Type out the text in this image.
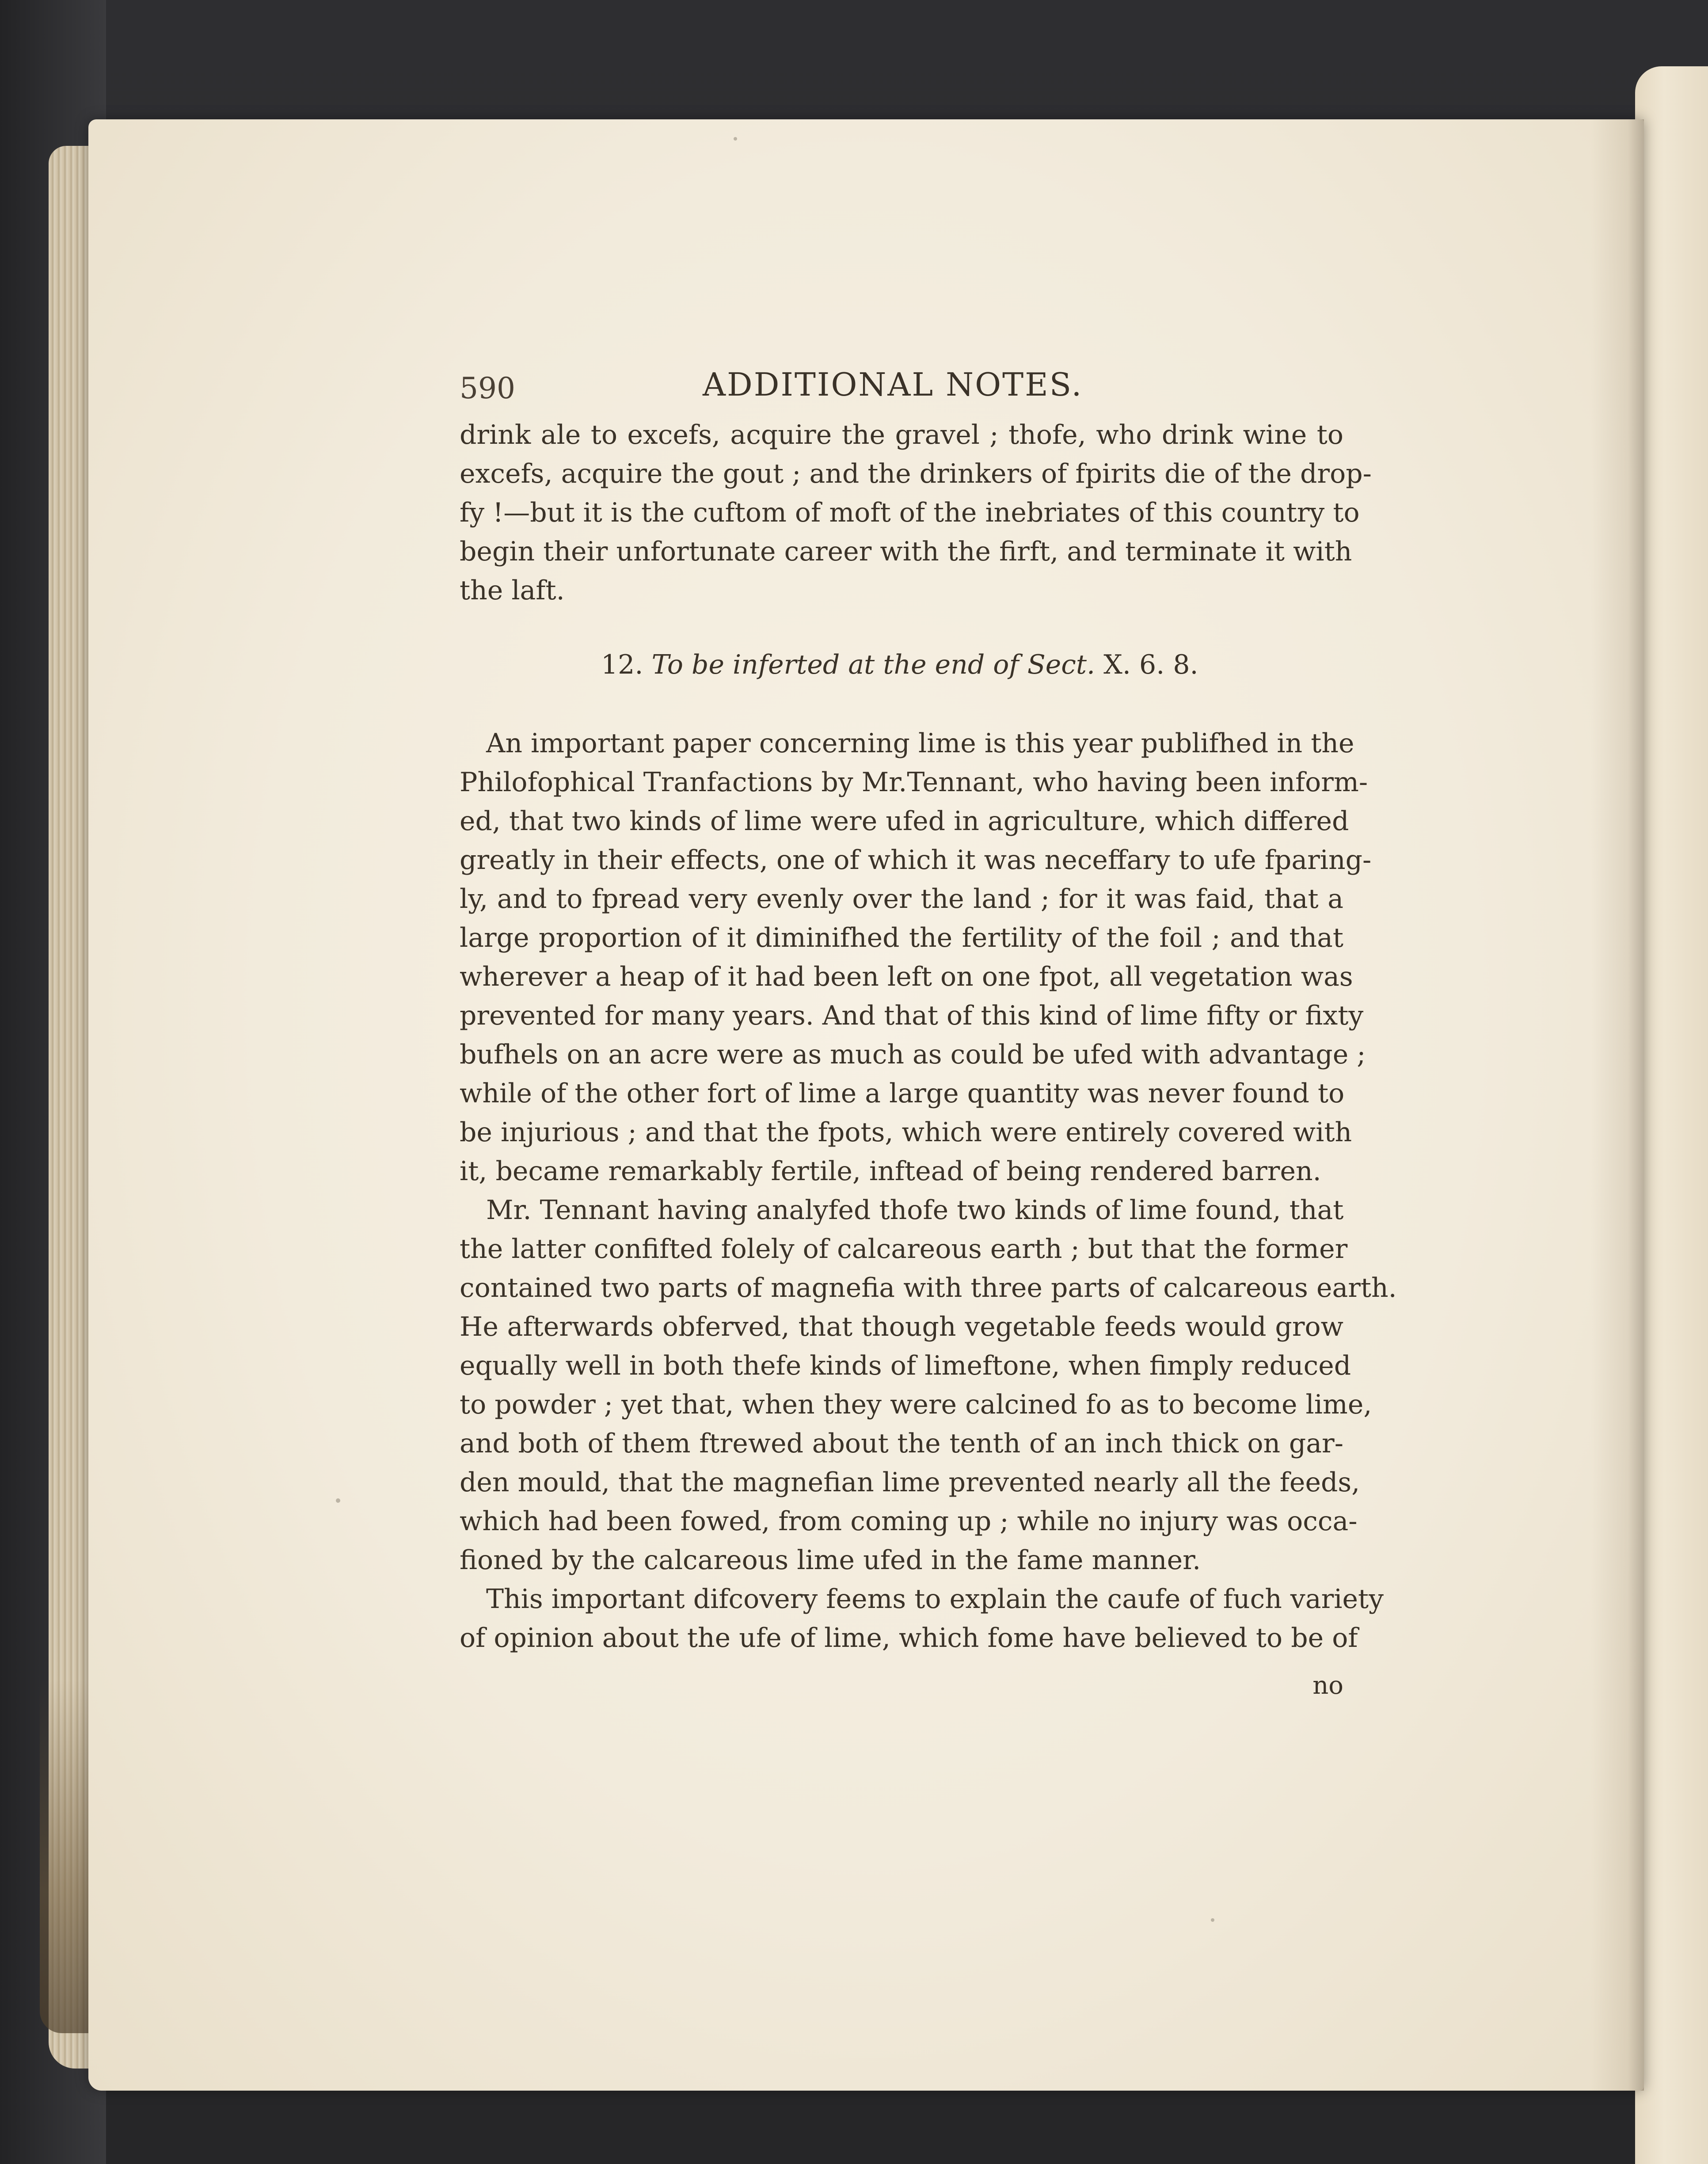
590	ADDITIONAL NOTES.
drink ale to excefs, acquire the gravel ; thofe, who drink wine to
excefs, acquire the gout ; and the drinkers of fpirits die of the drop-
fy !—but it is the cuftom of moft of the inebriates of this country to
begin their unfortunate career with the firft, and terminate it with
the laft.
12. To be inferted at the end of Sect. X. 6. 8.
An important paper concerning lime is this year publifhed in the
Philofophical Tranfactions by Mr.Tennant, who having been inform-
ed, that two kinds of lime were ufed in agriculture, which differed
greatly in their effects, one of which it was neceffary to ufe fparing-
ly, and to fpread very evenly over the land ; for it was faid, that a
large proportion of it diminifhed the fertility of the foil ; and that
wherever a heap of it had been left on one fpot, all vegetation was
prevented for many years. And that of this kind of lime fifty or fixty
bufhels on an acre were as much as could be ufed with advantage ;
while of the other fort of lime a large quantity was never found to
be injurious ; and that the fpots, which were entirely covered with
it, became remarkably fertile, inftead of being rendered barren.
Mr. Tennant having analyfed thofe two kinds of lime found, that
the latter confifted folely of calcareous earth ; but that the former
contained two parts of magnefia with three parts of calcareous earth.
He afterwards obferved, that though vegetable feeds would grow
equally well in both thefe kinds of limeftone, when fimply reduced
to powder ; yet that, when they were calcined fo as to become lime,
and both of them ftrewed about the tenth of an inch thick on gar-
den mould, that the magnefian lime prevented nearly all the feeds,
which had been fowed, from coming up ; while no injury was occa-
fioned by the calcareous lime ufed in the fame manner.
This important difcovery feems to explain the caufe of fuch variety
of opinion about the ufe of lime, which fome have believed to be of
no
